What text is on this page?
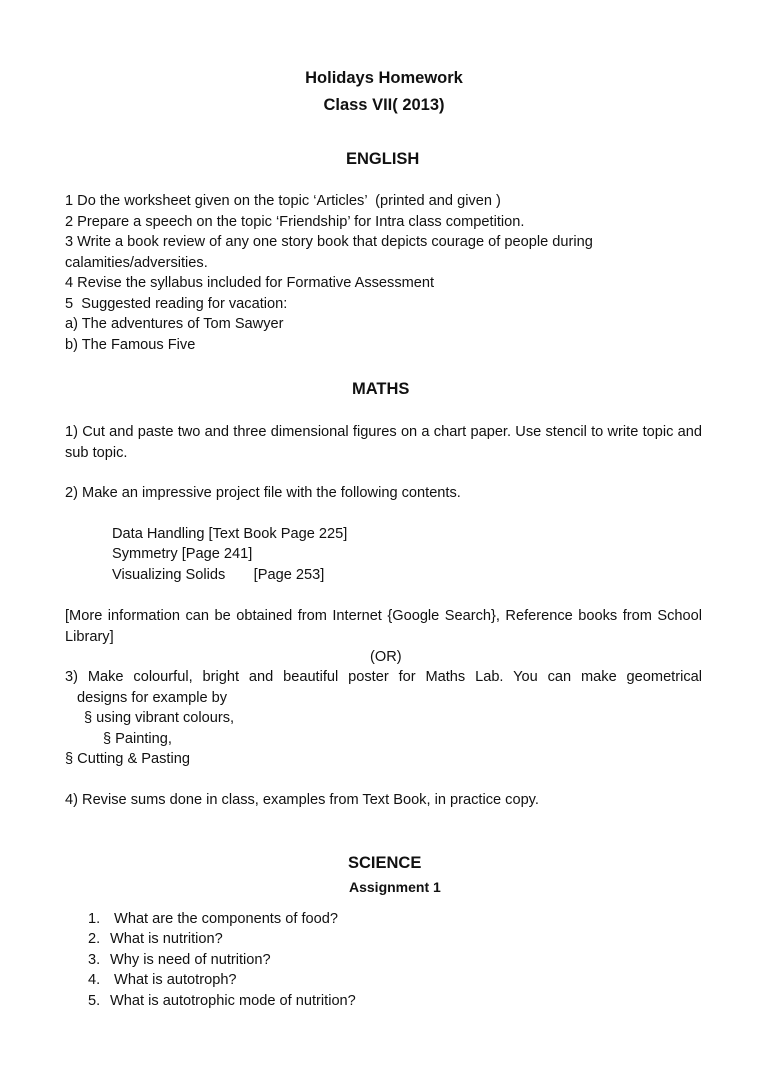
Holidays Homework
Class VII( 2013)
ENGLISH
1 Do the worksheet given on the topic ‘Articles’  (printed and given )
2 Prepare a speech on the topic ‘Friendship’ for Intra class competition.
3 Write a book review of any one story book that depicts courage of people during
calamities/adversities.
4 Revise the syllabus included for Formative Assessment
5  Suggested reading for vacation:
a) The adventures of Tom Sawyer
b) The Famous Five
MATHS
1) Cut and paste two and three dimensional figures on a chart paper. Use stencil to write topic and sub topic.
2) Make an impressive project file with the following contents.
Data Handling [Text Book Page 225]
Symmetry [Page 241]
Visualizing Solids       [Page 253]
[More information can be obtained from Internet {Google Search}, Reference books from School Library]
(OR)
3) Make colourful, bright and beautiful poster for Maths Lab. You can make geometrical
designs for example by
§ using vibrant colours,
§ Painting,
§ Cutting & Pasting
4) Revise sums done in class, examples from Text Book, in practice copy.
SCIENCE
Assignment 1
1. What are the components of food?
2. What is nutrition?
3. Why is need of nutrition?
4. What is autotroph?
5. What is autotrophic mode of nutrition?
